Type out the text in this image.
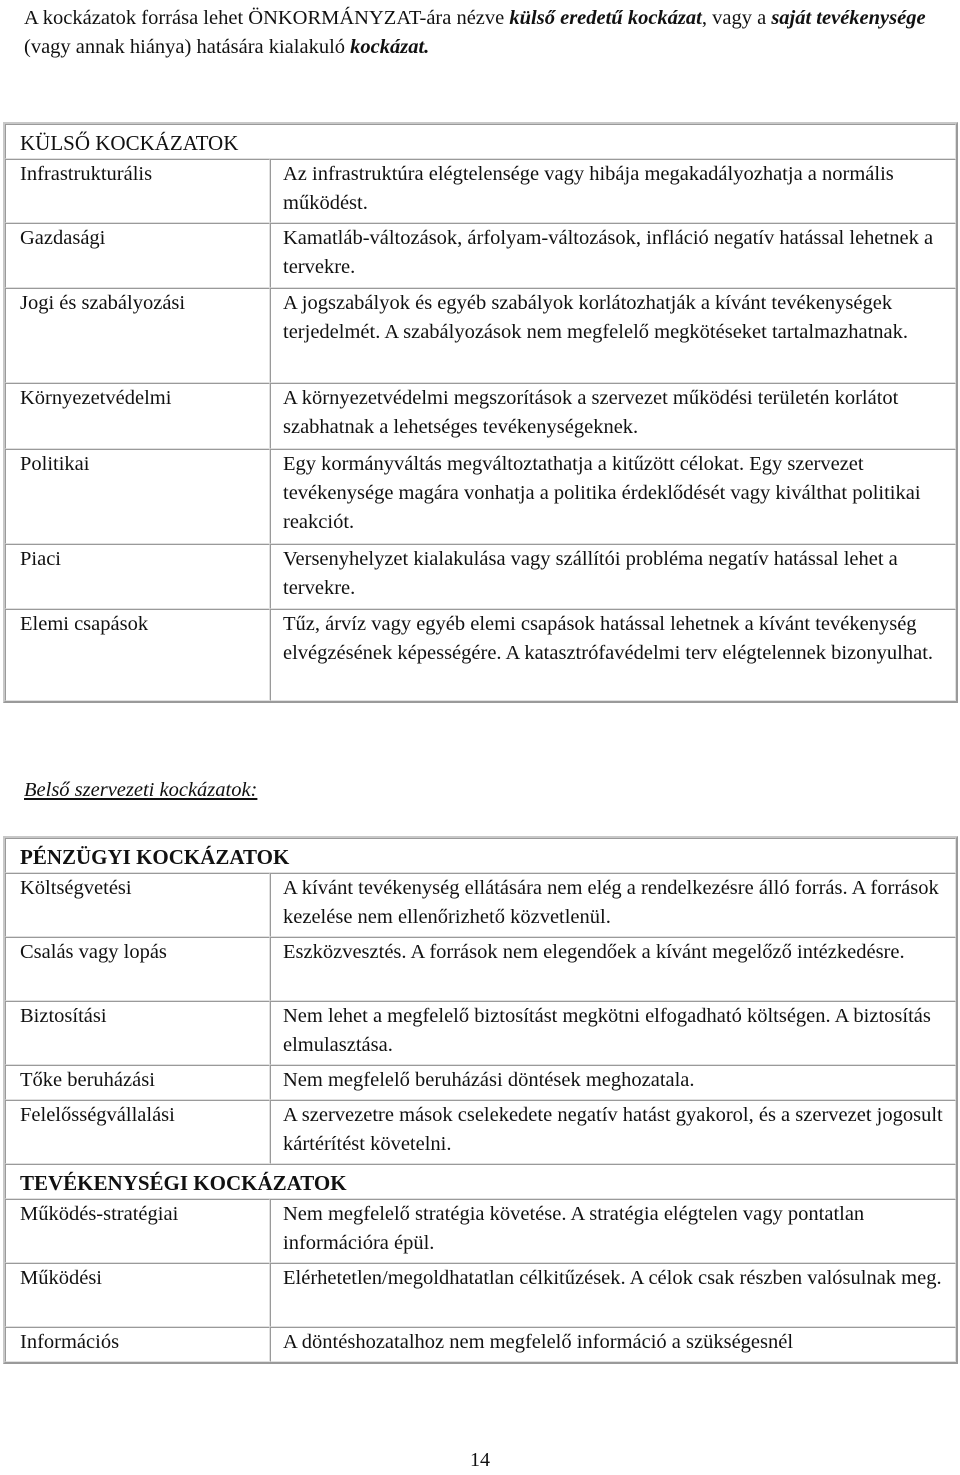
A kockázatok forrása lehet ÖNKORMÁNYZAT-ára nézve külső eredetű kockázat, vagy a saját tevékenysége (vagy annak hiánya) hatására kialakuló kockázat.

KÜLSŐ KOCKÁZATOK	
Infrastrukturális	Az infrastruktúra elégtelensége vagy hibája megakadályozhatja a normális működést.
Gazdasági	Kamatláb-változások, árfolyam-változások, infláció negatív hatással lehetnek a tervekre.
Jogi és szabályozási	A jogszabályok és egyéb szabályok korlátozhatják a kívánt tevékenységek terjedelmét. A szabályozások nem megfelelő megkötéseket tartalmazhatnak.
Környezetvédelmi	A környezetvédelmi megszorítások a szervezet működési területén korlátot szabhatnak a lehetséges tevékenységeknek.
Politikai	Egy kormányváltás megváltoztathatja a kitűzött célokat. Egy szervezet tevékenysége magára vonhatja a politika érdeklődését vagy kiválthat politikai reakciót.
Piaci	Versenyhelyzet kialakulása vagy szállítói probléma negatív hatással lehet a tervekre.
Elemi csapások	Tűz, árvíz vagy egyéb elemi csapások hatással lehetnek a kívánt tevékenység elvégzésének képességére. A katasztrófavédelmi terv elégtelennek bizonyulhat.
Belső szervezeti kockázatok:
PÉNZÜGYI KOCKÁZATOK	
Költségvetési	A kívánt tevékenység ellátására nem elég a rendelkezésre álló forrás. A források kezelése nem ellenőrizhető közvetlenül.
Csalás vagy lopás	Eszközvesztés. A források nem elegendőek a kívánt megelőző intézkedésre.
Biztosítási	Nem lehet a megfelelő biztosítást megkötni elfogadható költségen. A biztosítás elmulasztása.
Tőke beruházási	Nem megfelelő beruházási döntések meghozatala.
Felelősségvállalási	A szervezetre mások cselekedete negatív hatást gyakorol, és a szervezet jogosult kártérítést követelni.
TEVÉKENYSÉGI KOCKÁZATOK	
Működés-stratégiai	Nem megfelelő stratégia követése. A stratégia elégtelen vagy pontatlan információra épül.
Működési	Elérhetetlen/megoldhatatlan célkitűzések. A célok csak részben valósulnak meg.
Információs	A döntéshozatalhoz nem megfelelő információ a szükségesnél
14
